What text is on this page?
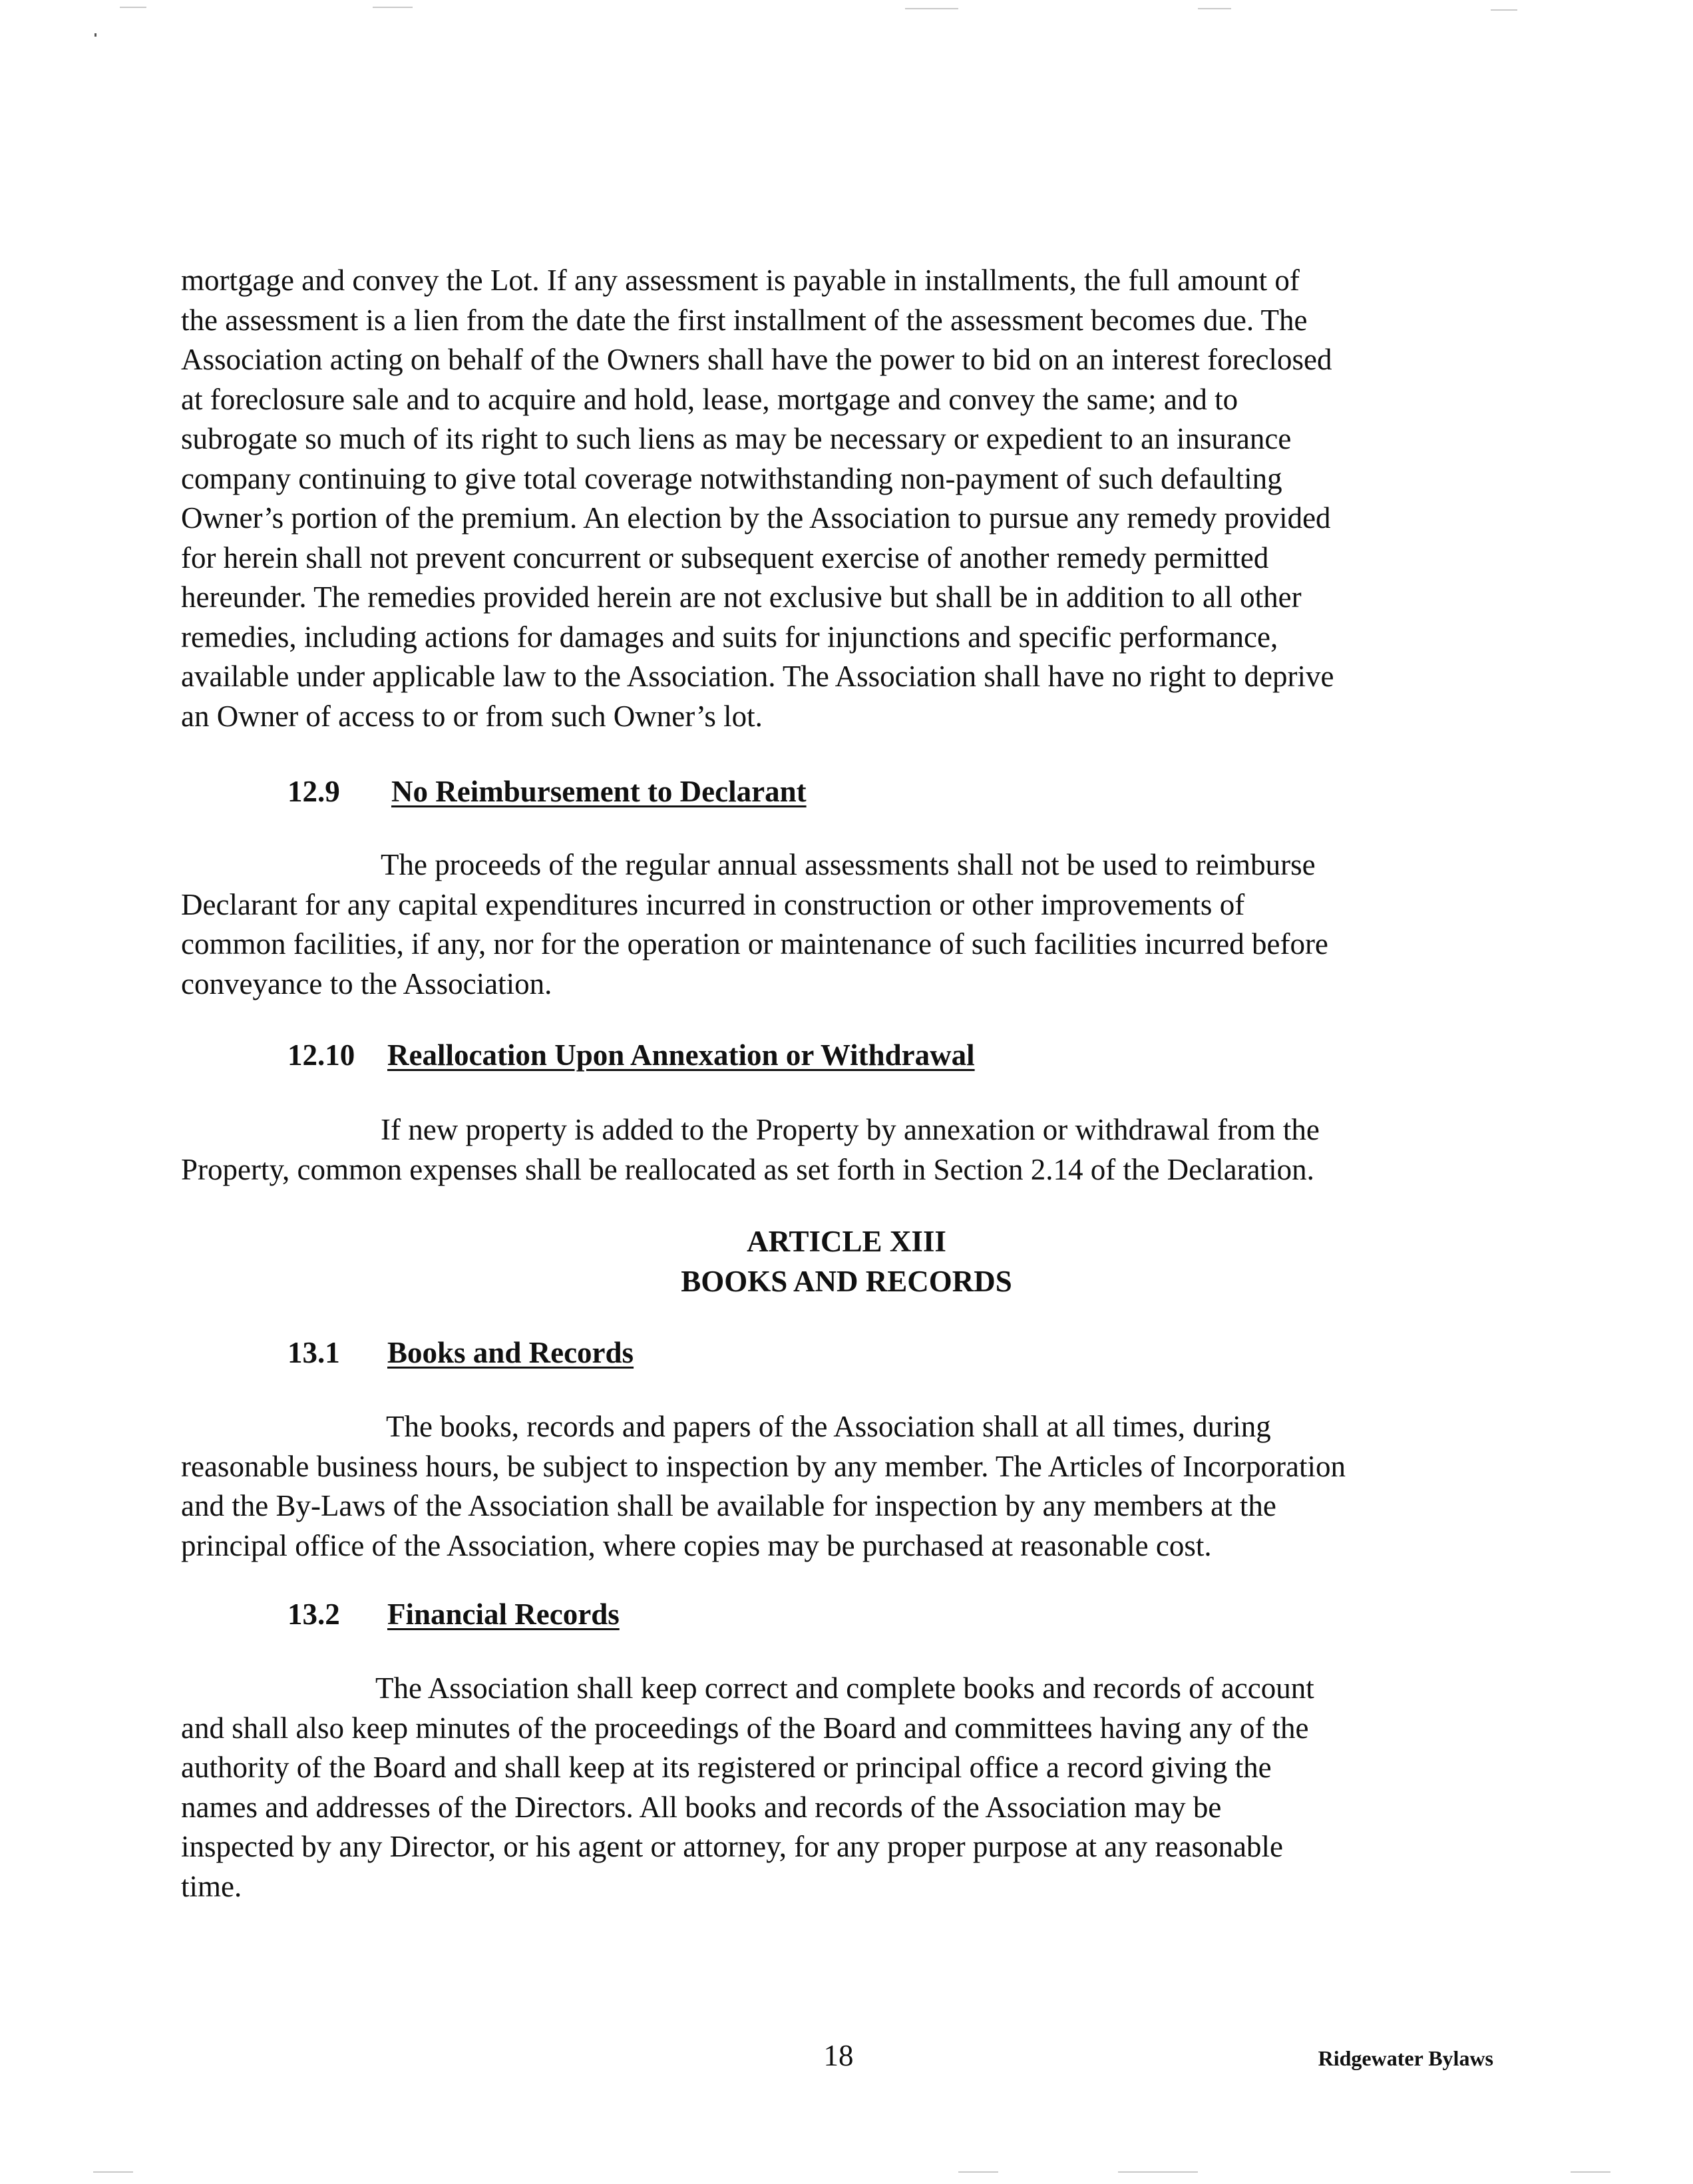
mortgage and convey the Lot. If any assessment is payable in installments, the full amount of
the assessment is a lien from the date the first installment of the assessment becomes due. The
Association acting on behalf of the Owners shall have the power to bid on an interest foreclosed
at foreclosure sale and to acquire and hold, lease, mortgage and convey the same; and to
subrogate so much of its right to such liens as may be necessary or expedient to an insurance
company continuing to give total coverage notwithstanding non-payment of such defaulting
Owner’s portion of the premium. An election by the Association to pursue any remedy provided
for herein shall not prevent concurrent or subsequent exercise of another remedy permitted
hereunder. The remedies provided herein are not exclusive but shall be in addition to all other
remedies, including actions for damages and suits for injunctions and specific performance,
available under applicable law to the Association. The Association shall have no right to deprive
an Owner of access to or from such Owner’s lot.
12.9 No Reimbursement to Declarant
The proceeds of the regular annual assessments shall not be used to reimburse
Declarant for any capital expenditures incurred in construction or other improvements of
common facilities, if any, nor for the operation or maintenance of such facilities incurred before
conveyance to the Association.
12.10 Reallocation Upon Annexation or Withdrawal
If new property is added to the Property by annexation or withdrawal from the
Property, common expenses shall be reallocated as set forth in Section 2.14 of the Declaration.
ARTICLE XIII
BOOKS AND RECORDS
13.1 Books and Records
The books, records and papers of the Association shall at all times, during
reasonable business hours, be subject to inspection by any member. The Articles of Incorporation
and the By-Laws of the Association shall be available for inspection by any members at the
principal office of the Association, where copies may be purchased at reasonable cost.
13.2 Financial Records
The Association shall keep correct and complete books and records of account
and shall also keep minutes of the proceedings of the Board and committees having any of the
authority of the Board and shall keep at its registered or principal office a record giving the
names and addresses of the Directors. All books and records of the Association may be
inspected by any Director, or his agent or attorney, for any proper purpose at any reasonable
time.
18	Ridgewater Bylaws
